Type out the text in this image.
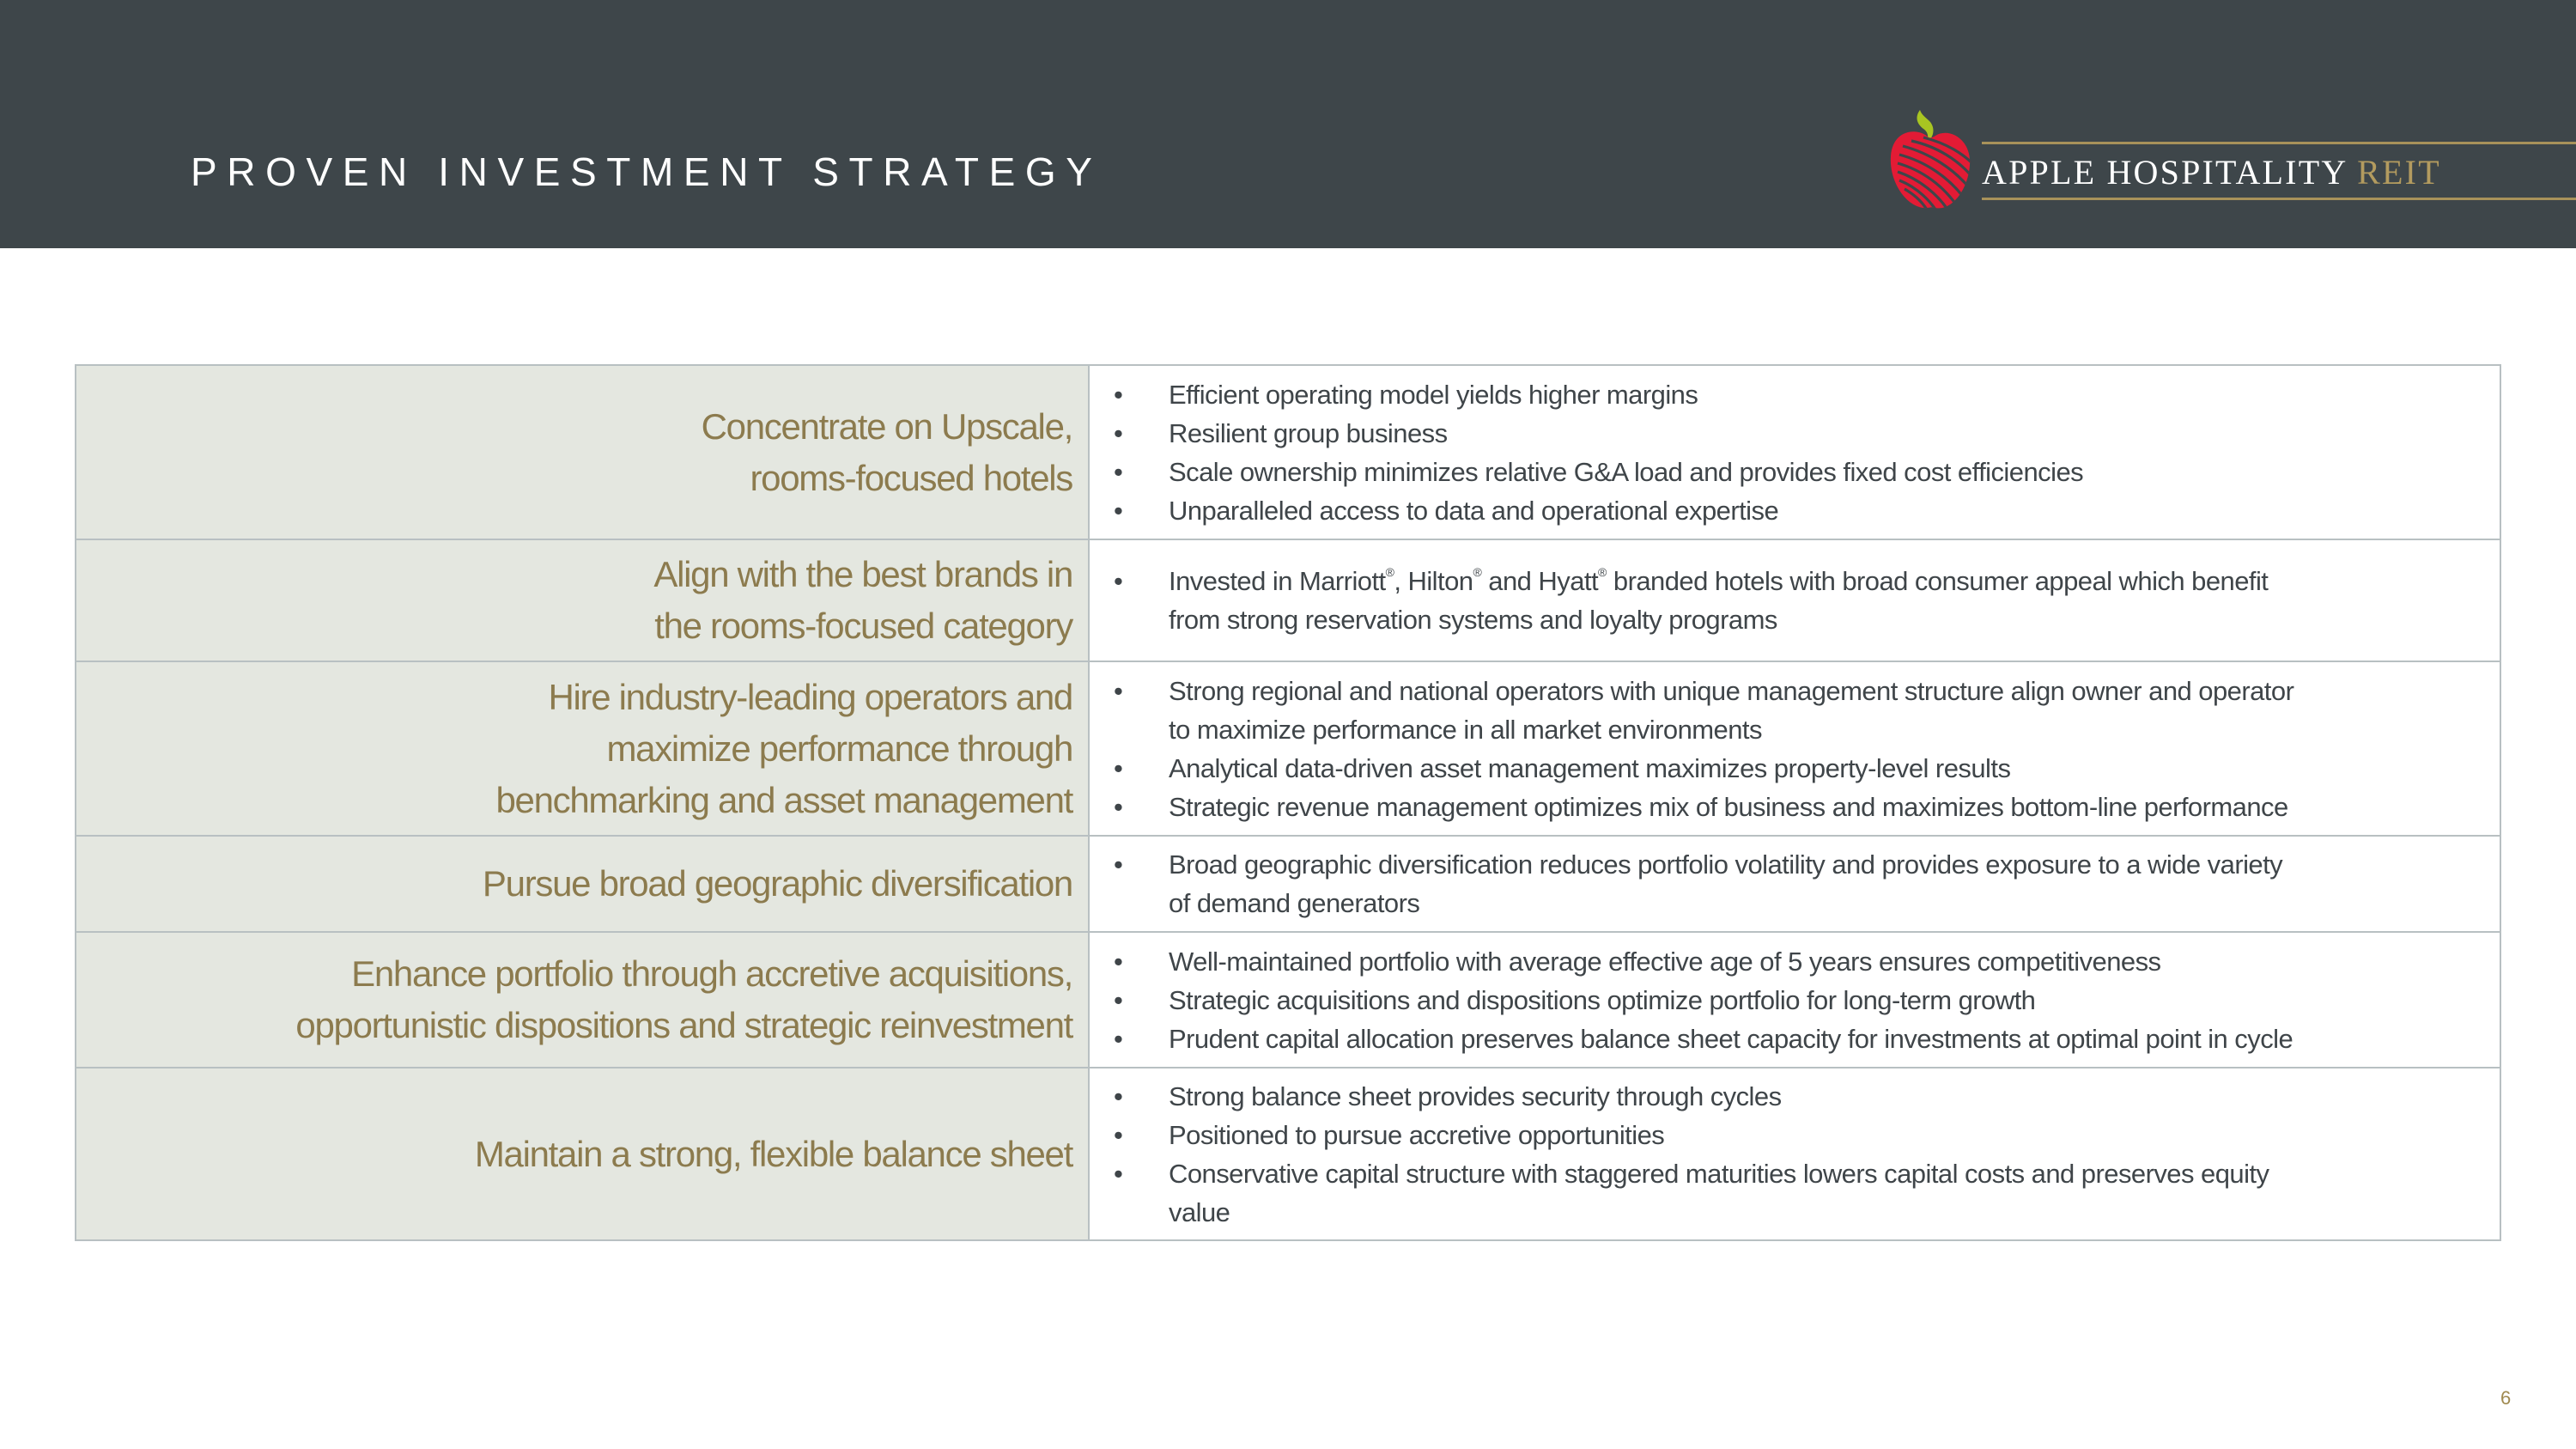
PROVEN INVESTMENT STRATEGY	APPLE HOSPITALITY REIT
Concentrate on Upscale,
rooms-focused hotels

• Efficient operating model yields higher margins
• Resilient group business
• Scale ownership minimizes relative G&A load and provides fixed cost efficiencies
• Unparalleled access to data and operational expertise

Align with the best brands in
the rooms-focused category

• Invested in Marriott®, Hilton® and Hyatt® branded hotels with broad consumer appeal which benefit
from strong reservation systems and loyalty programs

Hire industry-leading operators and
maximize performance through
benchmarking and asset management

• Strong regional and national operators with unique management structure align owner and operator
to maximize performance in all market environments
• Analytical data-driven asset management maximizes property-level results
• Strategic revenue management optimizes mix of business and maximizes bottom-line performance

Pursue broad geographic diversification

•Broad geographic diversification reduces portfolio volatility and provides exposure to a wide variety
of demand generators

Enhance portfolio through accretive acquisitions,
opportunistic dispositions and strategic reinvestment

• Well-maintained portfolio with average effective age of 5 years ensures competitiveness
• Strategic acquisitions and dispositions optimize portfolio for long-term growth
• Prudent capital allocation preserves balance sheet capacity for investments at optimal point in cycle

Maintain a strong, flexible balance sheet

• Strong balance sheet provides security through cycles
• Positioned to pursue accretive opportunities
• Conservative capital structure with staggered maturities lowers capital costs and preserves equity
value
6
